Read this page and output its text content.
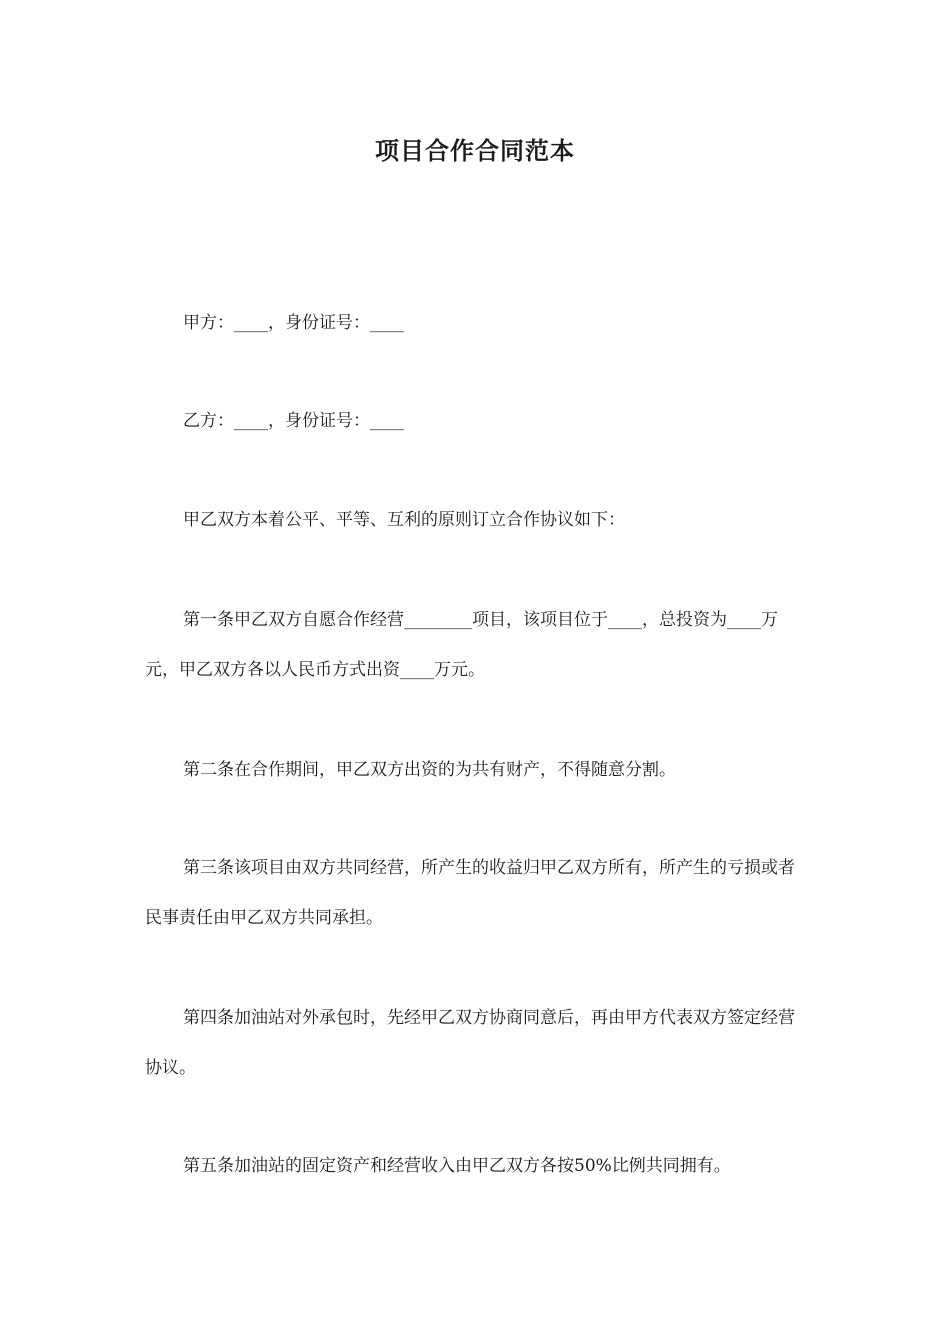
项目合作合同范本
甲方：____，身份证号：____
乙方：____，身份证号：____
甲乙双方本着公平、平等、互利的原则订立合作协议如下：
第一条甲乙双方自愿合作经营________项目，该项目位于____，总投资为____万元，甲乙双方各以人民币方式出资____万元。
第二条在合作期间，甲乙双方出资的为共有财产，不得随意分割。
第三条该项目由双方共同经营，所产生的收益归甲乙双方所有，所产生的亏损或者民事责任由甲乙双方共同承担。
第四条加油站对外承包时，先经甲乙双方协商同意后，再由甲方代表双方签定经营协议。
第五条加油站的固定资产和经营收入由甲乙双方各按50%比例共同拥有。
